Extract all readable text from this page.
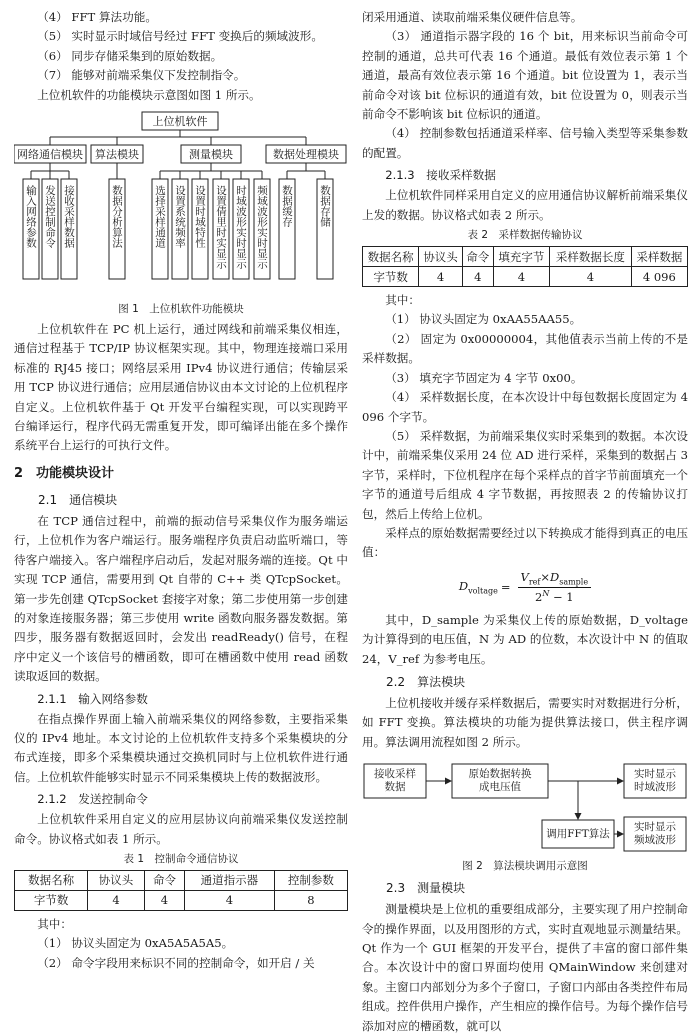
（4） FFT 算法功能。

（5） 实时显示时域信号经过 FFT 变换后的频域波形。

（6） 同步存储采集到的原始数据。

（7） 能够对前端采集仪下发控制指令。

上位机软件的功能模块示意图如图 1 所示。

上位机软件
网络通信模块 算法模块	测量模块	数据处理模块
输入网络参数 发送控制命令 接收采样数据	数据分析算法	选择采样通道 设置系统频率 设置时域特性 设置倩里时实显示 时域波形实时显示 频域波形实时显示 数据缓存 数据存储

图 1　上位机软件功能模块

上位机软件在 PC 机上运行，通过网线和前端采集仪相连，通信过程基于 TCP/IP 协议框架实现。其中，物理连接端口采用标准的 RJ45 接口；网络层采用 IPv4 协议进行通信；传输层采用 TCP 协议进行通信；应用层通信协议由本文讨论的上位机程序自定义。上位机软件基于 Qt 开发平台编程实现，可以实现跨平台编译运行，程序代码无需重复开发，即可编译出能在多个操作系统平台上运行的可执行文件。

2　功能模块设计
2.1　通信模块

在 TCP 通信过程中，前端的振动信号采集仪作为服务端运行，上位机作为客户端运行。服务端程序负责启动监听端口，等待客户端接入。客户端程序启动后，发起对服务端的连接。Qt 中实现 TCP 通信，需要用到 Qt 自带的 C++ 类 QTcpSocket。第一步先创建 QTcpSocket 套接字对象；第二步使用第一步创建的对象连接服务器；第三步使用 write 函数向服务器发数据。第四步，服务器有数据返回时，会发出 readReady() 信号，在程序中定义一个该信号的槽函数，即可在槽函数中使用 read 函数读取返回的数据。

2.1.1　输入网络参数

在指点操作界面上输入前端采集仪的网络参数，主要指采集仪的 IPv4 地址。本文讨论的上位机软件支持多个采集模块的分布式连接，即多个采集模块通过交换机同时与上位机软件进行通信。上位机软件能够实时显示不同采集模块上传的数据波形。

2.1.2　发送控制命令

上位机软件采用自定义的应用层协议向前端采集仪发送控制命令。协议格式如表 1 所示。

表 1　控制命令通信协议

数据名称	协议头	命令	通道指示器	控制参数
字节数	4	4	4	8

其中：

（1） 协议头固定为 0xA5A5A5A5。

（2） 命令字段用来标识不同的控制命令，如开启 / 关

闭采用通道、读取前端采集仪硬件信息等。

（3） 通道指示器字段的 16 个 bit，用来标识当前命令可控制的通道，总共可代表 16 个通道。最低有效位表示第 1 个通道，最高有效位表示第 16 个通道。bit 位设置为 1，表示当前命令对该 bit 位标识的通道有效，bit 位设置为 0，则表示当前命令不影响该 bit 位标识的通道。

（4） 控制参数包括通道采样率、信号输入类型等采集参数的配置。

2.1.3　接收采样数据

上位机软件同样采用自定义的应用通信协议解析前端采集仪上发的数据。协议格式如表 2 所示。

表 2　采样数据传输协议

数据名称	协议头	命令	填充字节	采样数据长度	采样数据
字节数	4	4	4	4	4 096

其中：

（1） 协议头固定为 0xAA55AA55。

（2） 固定为 0x00000004，其他值表示当前上传的不是采样数据。

（3） 填充字节固定为 4 字节 0x00。

（4） 采样数据长度，在本次设计中每包数据长度固定为 4 096 个字节。

（5） 采样数据，为前端采集仪实时采集到的数据。本次设计中，前端采集仪采用 24 位 AD 进行采样，采集到的数据占 3 字节，采样时，下位机程序在每个采样点的首字节前面填充一个字节的通道号后组成 4 字节数据，再按照表 2 的传输协议打包，然后上传给上位机。

采样点的原始数据需要经过以下转换成才能得到真正的电压值：

$D_{voltage} = \frac{V_{ref}\times D_{sample}}{2^N - 1}$

其中，D_sample 为采集仪上传的原始数据，D_voltage 为计算得到的电压值，N 为 AD 的位数，本次设计中 N 的值取 24，V_ref 为参考电压。

2.2　算法模块

上位机接收并缓存采样数据后，需要实时对数据进行分析，如 FFT 变换。算法模块的功能为提供算法接口，供主程序调用。算法调用流程如图 2 所示。

接收采样数据
原始数据转换成电压值
实时显示时域波形
调用FFT算法
实时显示频域波形

图 2　算法模块调用示意图

2.3　测量模块

测量模块是上位机的重要组成部分，主要实现了用户控制命令的操作界面，以及用图形的方式，实时直观地显示测量结果。Qt 作为一个 GUI 框架的开发平台，提供了丰富的窗口部件集合。本次设计中的窗口界面均使用 QMainWindow 来创建对象。主窗口内部划分为多个子窗口，子窗口内部由各类控件布局组成。控件供用户操作，产生相应的操作信号。为每个操作信号添加对应的槽函数，就可以
